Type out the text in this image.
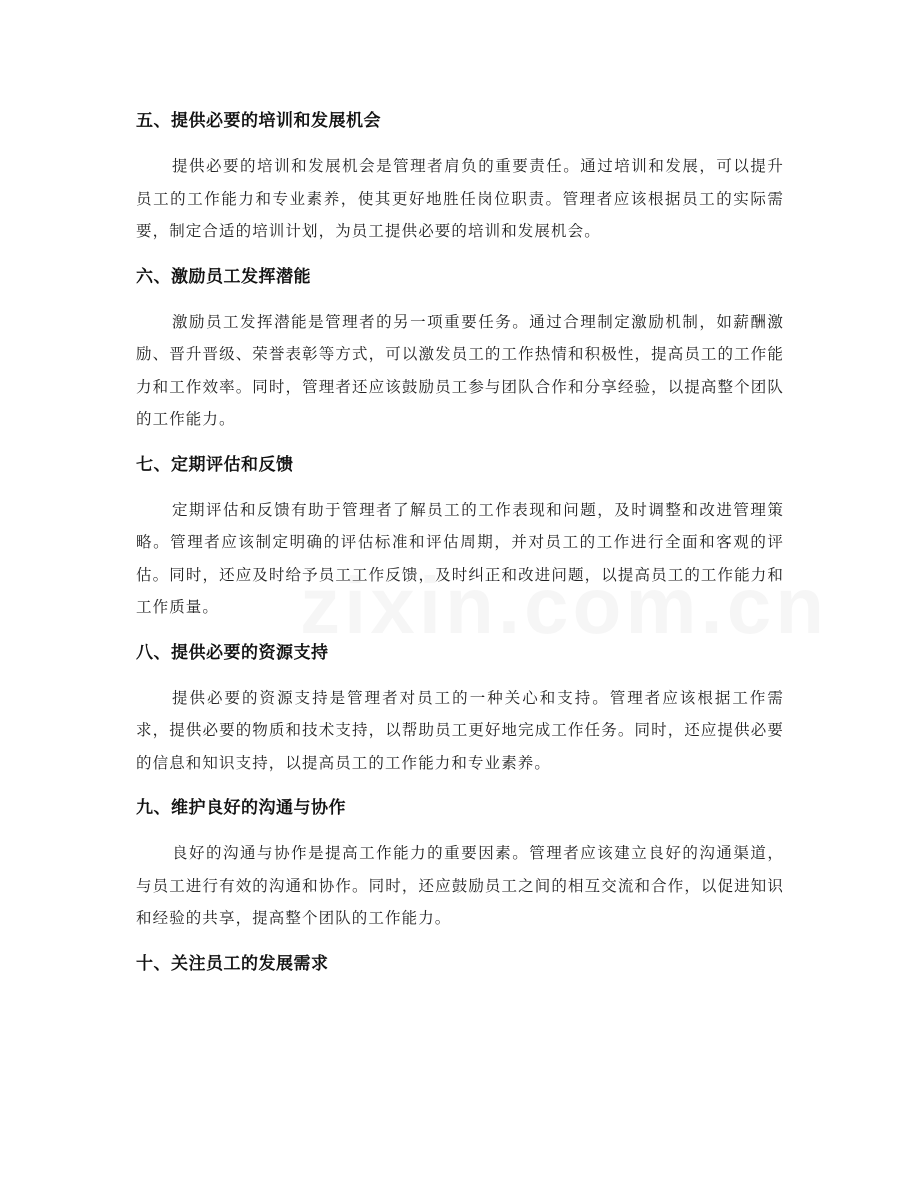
五、提供必要的培训和发展机会

提供必要的培训和发展机会是管理者肩负的重要责任。通过培训和发展，可以提升员工的工作能力和专业素养，使其更好地胜任岗位职责。管理者应该根据员工的实际需要，制定合适的培训计划，为员工提供必要的培训和发展机会。

六、激励员工发挥潜能

激励员工发挥潜能是管理者的另一项重要任务。通过合理制定激励机制，如薪酬激励、晋升晋级、荣誉表彰等方式，可以激发员工的工作热情和积极性，提高员工的工作能力和工作效率。同时，管理者还应该鼓励员工参与团队合作和分享经验，以提高整个团队的工作能力。

七、定期评估和反馈

定期评估和反馈有助于管理者了解员工的工作表现和问题，及时调整和改进管理策略。管理者应该制定明确的评估标准和评估周期，并对员工的工作进行全面和客观的评估。同时，还应及时给予员工工作反馈，及时纠正和改进问题，以提高员工的工作能力和工作质量。

八、提供必要的资源支持

提供必要的资源支持是管理者对员工的一种关心和支持。管理者应该根据工作需求，提供必要的物质和技术支持，以帮助员工更好地完成工作任务。同时，还应提供必要的信息和知识支持，以提高员工的工作能力和专业素养。

九、维护良好的沟通与协作

良好的沟通与协作是提高工作能力的重要因素。管理者应该建立良好的沟通渠道，与员工进行有效的沟通和协作。同时，还应鼓励员工之间的相互交流和合作，以促进知识和经验的共享，提高整个团队的工作能力。

十、关注员工的发展需求
